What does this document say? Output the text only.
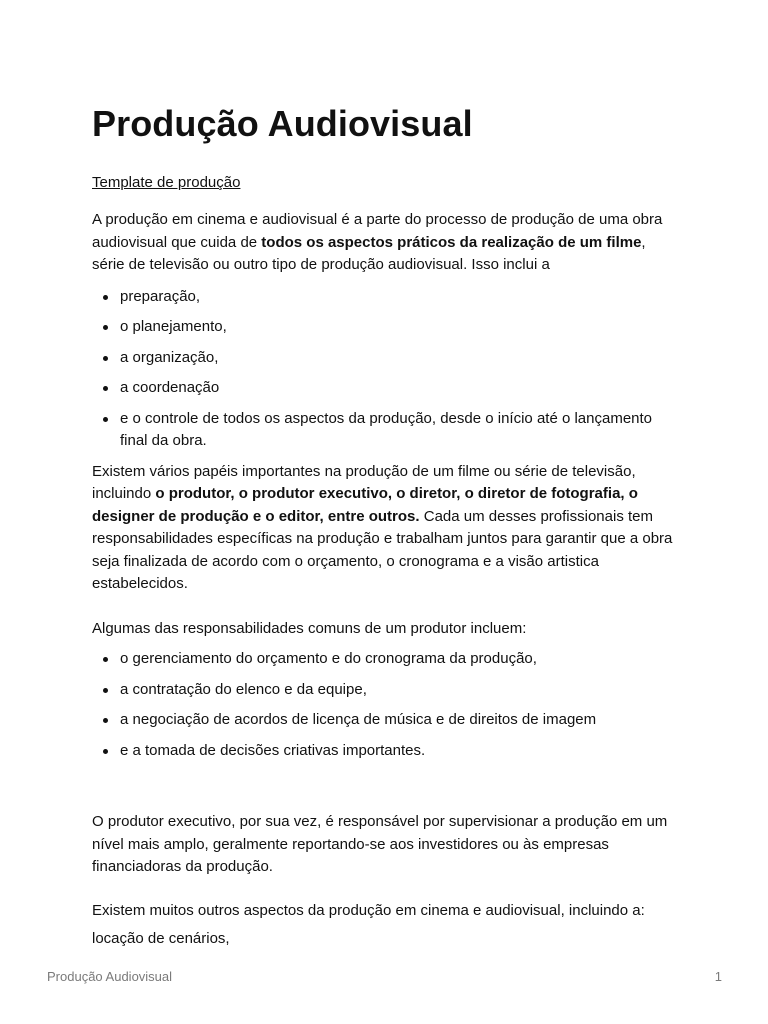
Produção Audiovisual
Template de produção

A produção em cinema e audiovisual é a parte do processo de produção de uma obra audiovisual que cuida de todos os aspectos práticos da realização de um filme, série de televisão ou outro tipo de produção audiovisual. Isso inclui a

preparação,
o planejamento,
a organização,
a coordenação
e o controle de todos os aspectos da produção, desde o início até o lançamento final da obra.

Existem vários papéis importantes na produção de um filme ou série de televisão, incluindo o produtor, o produtor executivo, o diretor, o diretor de fotografia, o designer de produção e o editor, entre outros. Cada um desses profissionais tem responsabilidades específicas na produção e trabalham juntos para garantir que a obra seja finalizada de acordo com o orçamento, o cronograma e a visão artistica estabelecidos.

Algumas das responsabilidades comuns de um produtor incluem:

o gerenciamento do orçamento e do cronograma da produção,
a contratação do elenco e da equipe,
a negociação de acordos de licença de música e de direitos de imagem
e a tomada de decisões criativas importantes.

O produtor executivo, por sua vez, é responsável por supervisionar a produção em um nível mais amplo, geralmente reportando-se aos investidores ou às empresas financiadoras da produção.

Existem muitos outros aspectos da produção em cinema e audiovisual, incluindo a:

locação de cenários,

Produção Audiovisual	1
